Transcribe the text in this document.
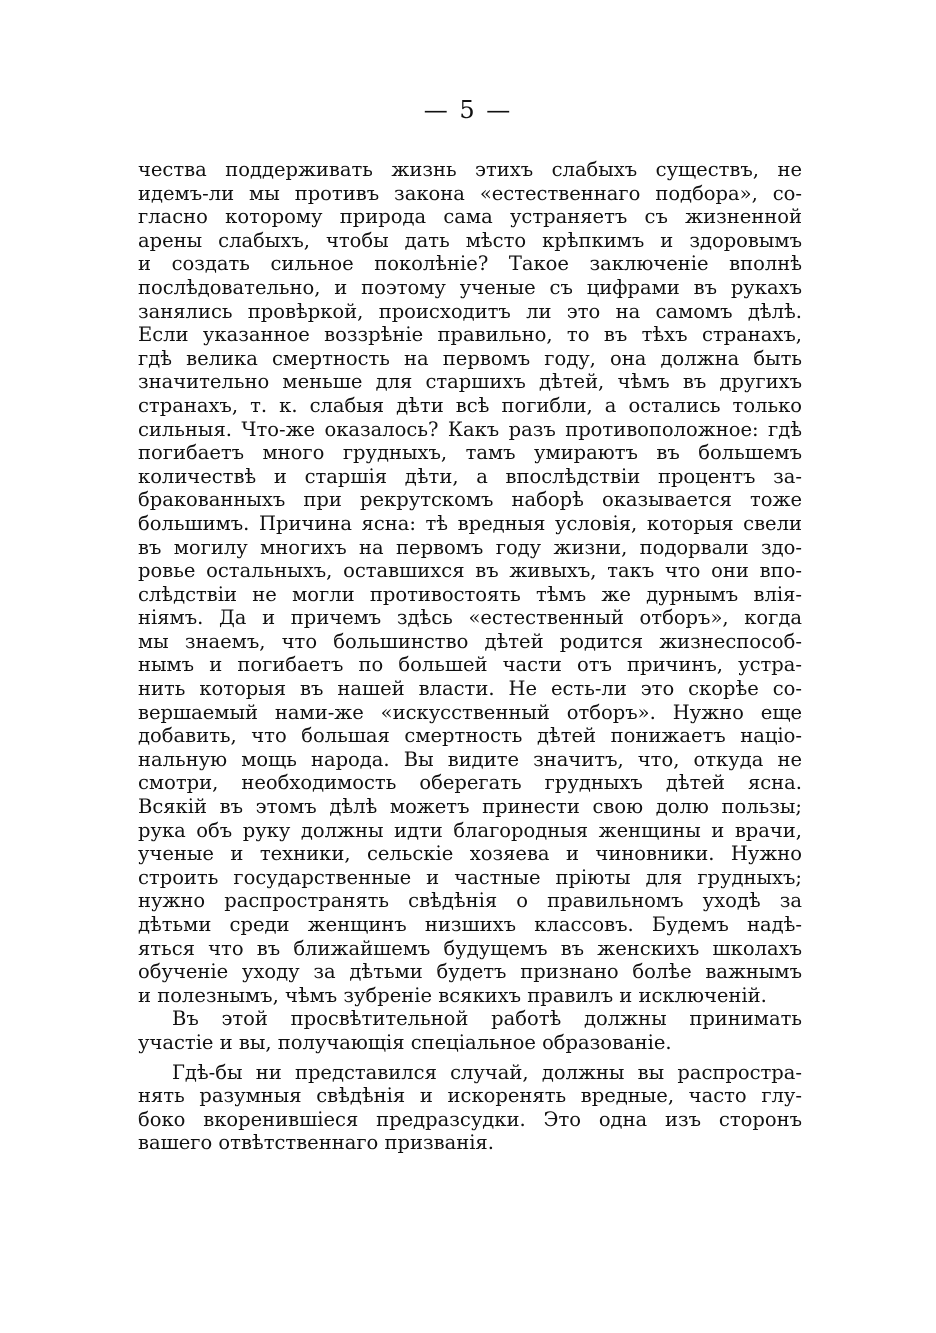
— 5 —
чества поддерживать жизнь этихъ слабыхъ существъ, не
идемъ-ли мы противъ закона «естественнаго подбора», со-
гласно которому природа сама устраняетъ съ жизненной
арены слабыхъ, чтобы дать мѣсто крѣпкимъ и здоровымъ
и создать сильное поколѣніе? Такое заключеніе вполнѣ
послѣдовательно, и поэтому ученые съ цифрами въ рукахъ
занялись провѣркой, происходитъ ли это на самомъ дѣлѣ.
Если указанное воззрѣніе правильно, то въ тѣхъ странахъ,
гдѣ велика смертность на первомъ году, она должна быть
значительно меньше для старшихъ дѣтей, чѣмъ въ другихъ
странахъ, т. к. слабыя дѣти всѣ погибли, а остались только
сильныя. Что-же оказалось? Какъ разъ противоположное: гдѣ
погибаетъ много грудныхъ, тамъ умираютъ въ большемъ
количествѣ и старшія дѣти, а впослѣдствіи процентъ за-
бракованныхъ при рекрутскомъ наборѣ оказывается тоже
большимъ. Причина ясна: тѣ вредныя условія, которыя свели
въ могилу многихъ на первомъ году жизни, подорвали здо-
ровье остальныхъ, оставшихся въ живыхъ, такъ что они впо-
слѣдствіи не могли противостоять тѣмъ же дурнымъ влія-
ніямъ. Да и причемъ здѣсь «естественный отборъ», когда
мы знаемъ, что большинство дѣтей родится жизнеспособ-
нымъ и погибаетъ по большей части отъ причинъ, устра-
нить которыя въ нашей власти. Не есть-ли это скорѣе со-
вершаемый нами-же «искусственный отборъ». Нужно еще
добавить, что большая смертность дѣтей понижаетъ націо-
нальную мощь народа. Вы видите значитъ, что, откуда не
смотри, необходимость оберегать грудныхъ дѣтей ясна.
Всякій въ этомъ дѣлѣ можетъ принести свою долю пользы;
рука объ руку должны идти благородныя женщины и врачи,
ученые и техники, сельскіе хозяева и чиновники. Нужно
строить государственные и частные пріюты для грудныхъ;
нужно распространять свѣдѣнія о правильномъ уходѣ за
дѣтьми среди женщинъ низшихъ классовъ. Будемъ надѣ-
яться что въ ближайшемъ будущемъ въ женскихъ школахъ
обученіе уходу за дѣтьми будетъ признано болѣе важнымъ
и полезнымъ, чѣмъ зубреніе всякихъ правилъ и исключеній.
Въ этой просвѣтительной работѣ должны принимать
участіе и вы, получающія спеціальное образованіе.
Гдѣ-бы ни представился случай, должны вы распростра-
нять разумныя свѣдѣнія и искоренять вредные, часто глу-
боко вкоренившіеся предразсудки. Это одна изъ сторонъ
вашего отвѣтственнаго призванія.
